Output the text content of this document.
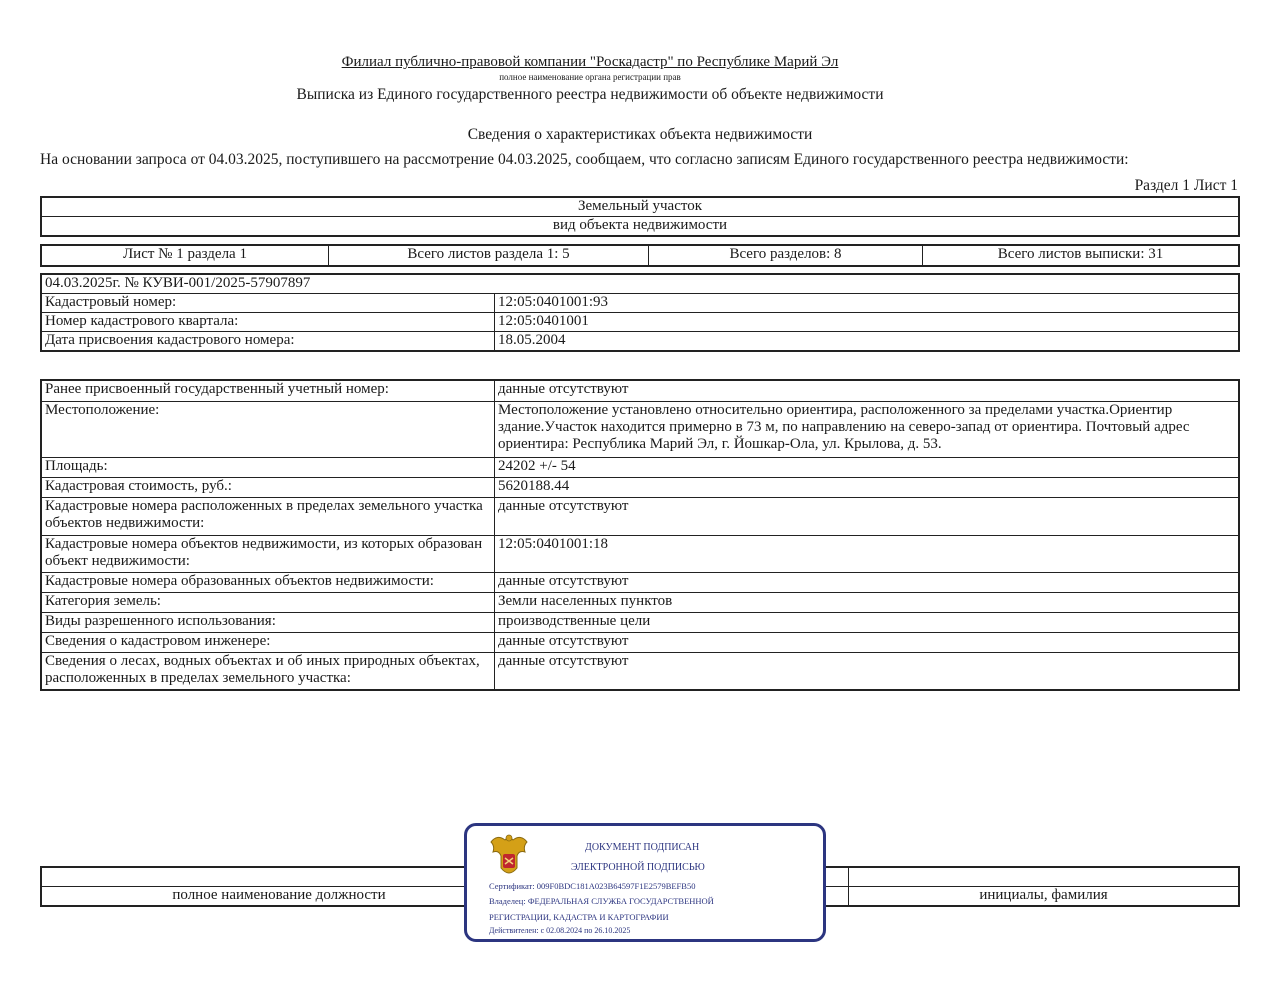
Филиал публично-правовой компании "Роскадастр" по Республике Марий Эл
полное наименование органа регистрации прав
Выписка из Единого государственного реестра недвижимости об объекте недвижимости
Сведения о характеристиках объекта недвижимости
На основании запроса от 04.03.2025, поступившего на рассмотрение 04.03.2025, сообщаем, что согласно записям Единого государственного реестра недвижимости:
Раздел 1 Лист 1
Земельный участок
вид объекта недвижимости
Лист № 1 раздела 1	Всего листов раздела 1: 5	Всего разделов: 8	Всего листов выписки: 31
04.03.2025г. № КУВИ-001/2025-57907897	
Кадастровый номер:	12:05:0401001:93
Номер кадастрового квартала:	12:05:0401001
Дата присвоения кадастрового номера:	18.05.2004
Ранее присвоенный государственный учетный номер:	данные отсутствуют
Местоположение:	Местоположение установлено относительно ориентира, расположенного за пределами участка.Ориентир здание.Участок находится примерно в 73 м, по направлению на северо-запад от ориентира. Почтовый адрес ориентира: Республика Марий Эл, г. Йошкар-Ола, ул. Крылова, д. 53.
Площадь:	24202 +/- 54
Кадастровая стоимость, руб.:	5620188.44
Кадастровые номера расположенных в пределах земельного участка объектов недвижимости:	данные отсутствуют
Кадастровые номера объектов недвижимости, из которых образован объект недвижимости:	12:05:0401001:18
Кадастровые номера образованных объектов недвижимости:	данные отсутствуют
Категория земель:	Земли населенных пунктов
Виды разрешенного использования:	производственные цели
Сведения о кадастровом инженере:	данные отсутствуют
Сведения о лесах, водных объектах и об иных природных объектах, расположенных в пределах земельного участка:	данные отсутствуют

полное наименование должности		инициалы, фамилия
ДОКУМЕНТ ПОДПИСАН
ЭЛЕКТРОННОЙ ПОДПИСЬЮ
Сертификат: 009F0BDC181A023B64597F1E2579BEFB50
Владелец: ФЕДЕРАЛЬНАЯ СЛУЖБА ГОСУДАРСТВЕННОЙ
РЕГИСТРАЦИИ, КАДАСТРА И КАРТОГРАФИИ
Действителен: с 02.08.2024 по 26.10.2025
